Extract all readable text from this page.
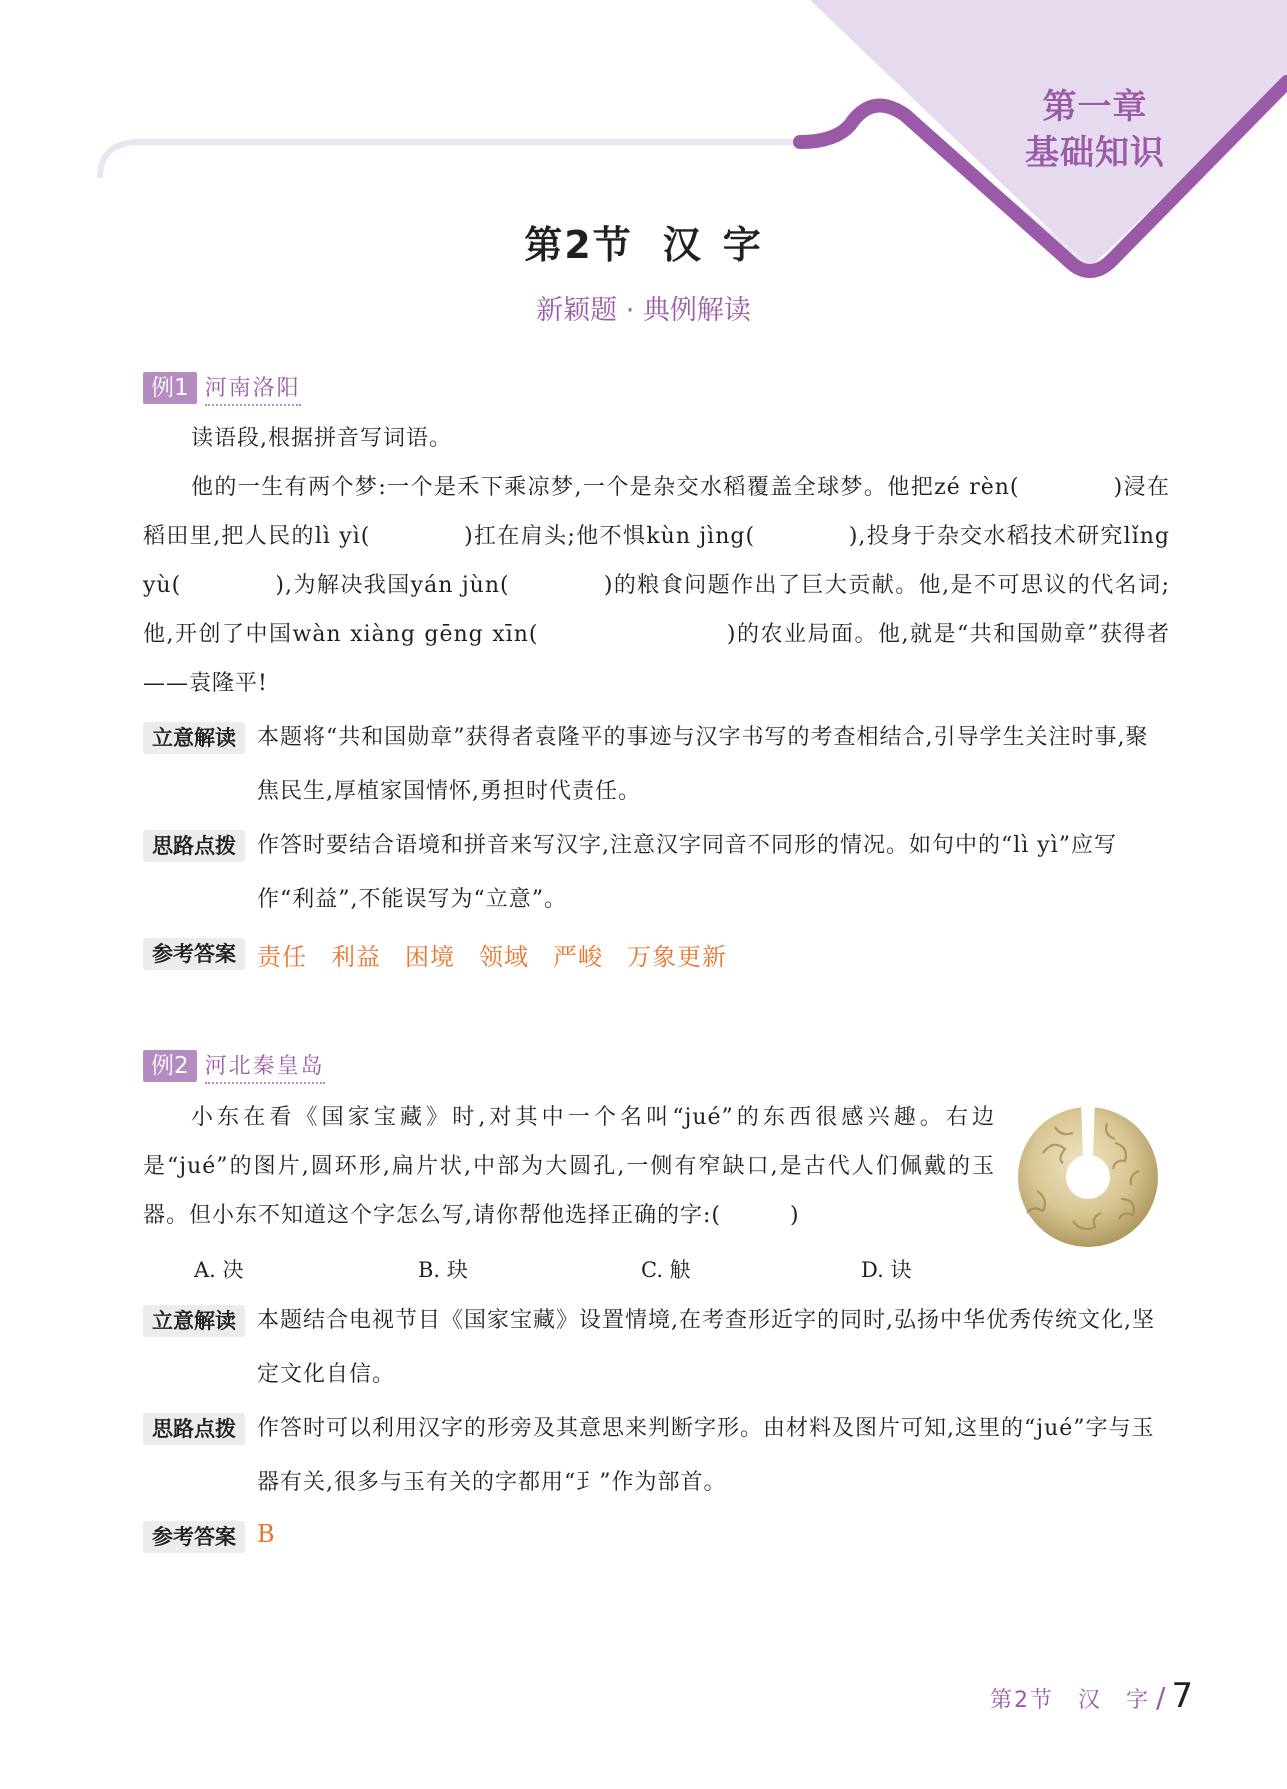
第一章
基础知识
第2节 汉 字
新颖题 · 典例解读
例1 河南洛阳
读语段,根据拼音写词语。
他的一生有两个梦:一个是禾下乘凉梦,一个是杂交水稻覆盖全球梦。他把zé rèn(　　　　)浸在稻田里,把人民的lì yì(　　　　)扛在肩头;他不惧kùn jìng(　　　　),投身于杂交水稻技术研究lǐng yù(　　　　),为解决我国yán jùn(　　　　)的粮食问题作出了巨大贡献。他,是不可思议的代名词;他,开创了中国wàn xiàng gēng xīn(　　　　　　　　)的农业局面。他,就是“共和国勋章”获得者——袁隆平!
立意解读 本题将“共和国勋章”获得者袁隆平的事迹与汉字书写的考查相结合,引导学生关注时事,聚焦民生,厚植家国情怀,勇担时代责任。
思路点拨 作答时要结合语境和拼音来写汉字,注意汉字同音不同形的情况。如句中的“lì yì”应写作“利益”,不能误写为“立意”。
参考答案 责任 利益 困境 领域 严峻 万象更新
例2 河北秦皇岛
小东在看《国家宝藏》时,对其中一个名叫“jué”的东西很感兴趣。右边是“jué”的图片,圆环形,扁片状,中部为大圆孔,一侧有窄缺口,是古代人们佩戴的玉器。但小东不知道这个字怎么写,请你帮他选择正确的字:(　　　)
A. 决	B. 玦	C. 觖	D. 诀
立意解读 本题结合电视节目《国家宝藏》设置情境,在考查形近字的同时,弘扬中华优秀传统文化,坚定文化自信。
思路点拨 作答时可以利用汉字的形旁及其意思来判断字形。由材料及图片可知,这里的“jué”字与玉器有关,很多与玉有关的字都用“⺩”作为部首。
参考答案 B
第2节　汉　字 / 7
